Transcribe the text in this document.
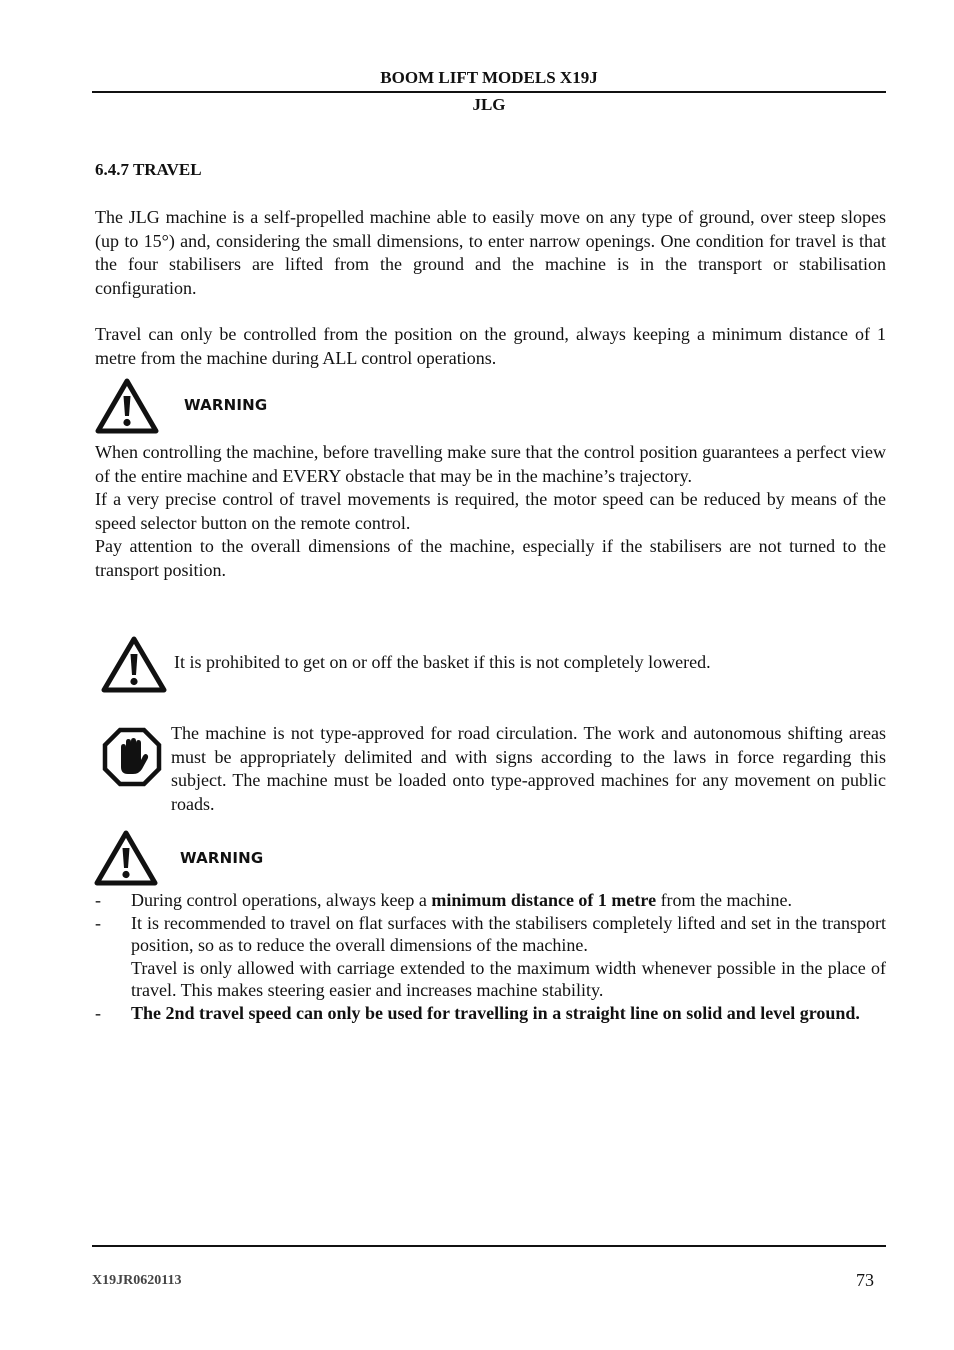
BOOM LIFT MODELS X19J
JLG
6.4.7 TRAVEL

The JLG machine is a self-propelled machine able to easily move on any type of ground, over steep slopes (up to 15°) and, considering the small dimensions, to enter narrow openings. One condition for travel is that the four stabilisers are lifted from the ground and the machine is in the transport or stabilisation configuration.

Travel can only be controlled from the position on the ground, always keeping a minimum distance of 1 metre from the machine during ALL control operations.

WARNING

When controlling the machine, before travelling make sure that the control position guarantees a perfect view of the entire machine and EVERY obstacle that may be in the machine’s trajectory.

If a very precise control of travel movements is required, the motor speed can be reduced by means of the speed selector button on the remote control.

Pay attention to the overall dimensions of the machine, especially if the stabilisers are not turned to the transport position.

It is prohibited to get on or off the basket if this is not completely lowered.

The machine is not type-approved for road circulation. The work and autonomous shifting areas must be appropriately delimited and with signs according to the laws in force regarding this subject. The machine must be loaded onto type-approved machines for any movement on public roads.

WARNING
- During control operations, always keep a minimum distance of 1 metre from the machine.
- It is recommended to travel on flat surfaces with the stabilisers completely lifted and set in the transport position, so as to reduce the overall dimensions of the machine.
Travel is only allowed with carriage extended to the maximum width whenever possible in the place of travel. This makes steering easier and increases machine stability.
- The 2nd travel speed can only be used for travelling in a straight line on solid and level ground.
X19JR0620113	73
